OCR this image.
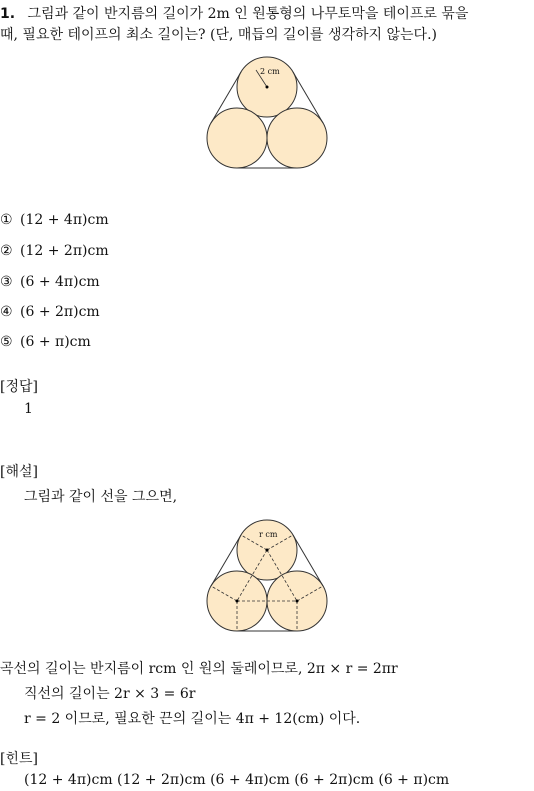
1. 그림과 같이 반지름의 길이가 2m 인 원통형의 나무토막을 테이프로 묶을
때, 필요한 테이프의 최소 길이는? (단, 매듭의 길이를 생각하지 않는다.)
2 cm
① (12 + 4π)cm
② (12 + 2π)cm
③ (6 + 4π)cm
④ (6 + 2π)cm
⑤ (6 + π)cm
[정답]
1
[해설]
그림과 같이 선을 그으면,
r cm
곡선의 길이는 반지름이 rcm 인 원의 둘레이므로, 2π × r = 2πr
직선의 길이는 2r × 3 = 6r
r = 2 이므로, 필요한 끈의 길이는 4π + 12(cm) 이다.
[힌트]
(12 + 4π)cm (12 + 2π)cm (6 + 4π)cm (6 + 2π)cm (6 + π)cm
